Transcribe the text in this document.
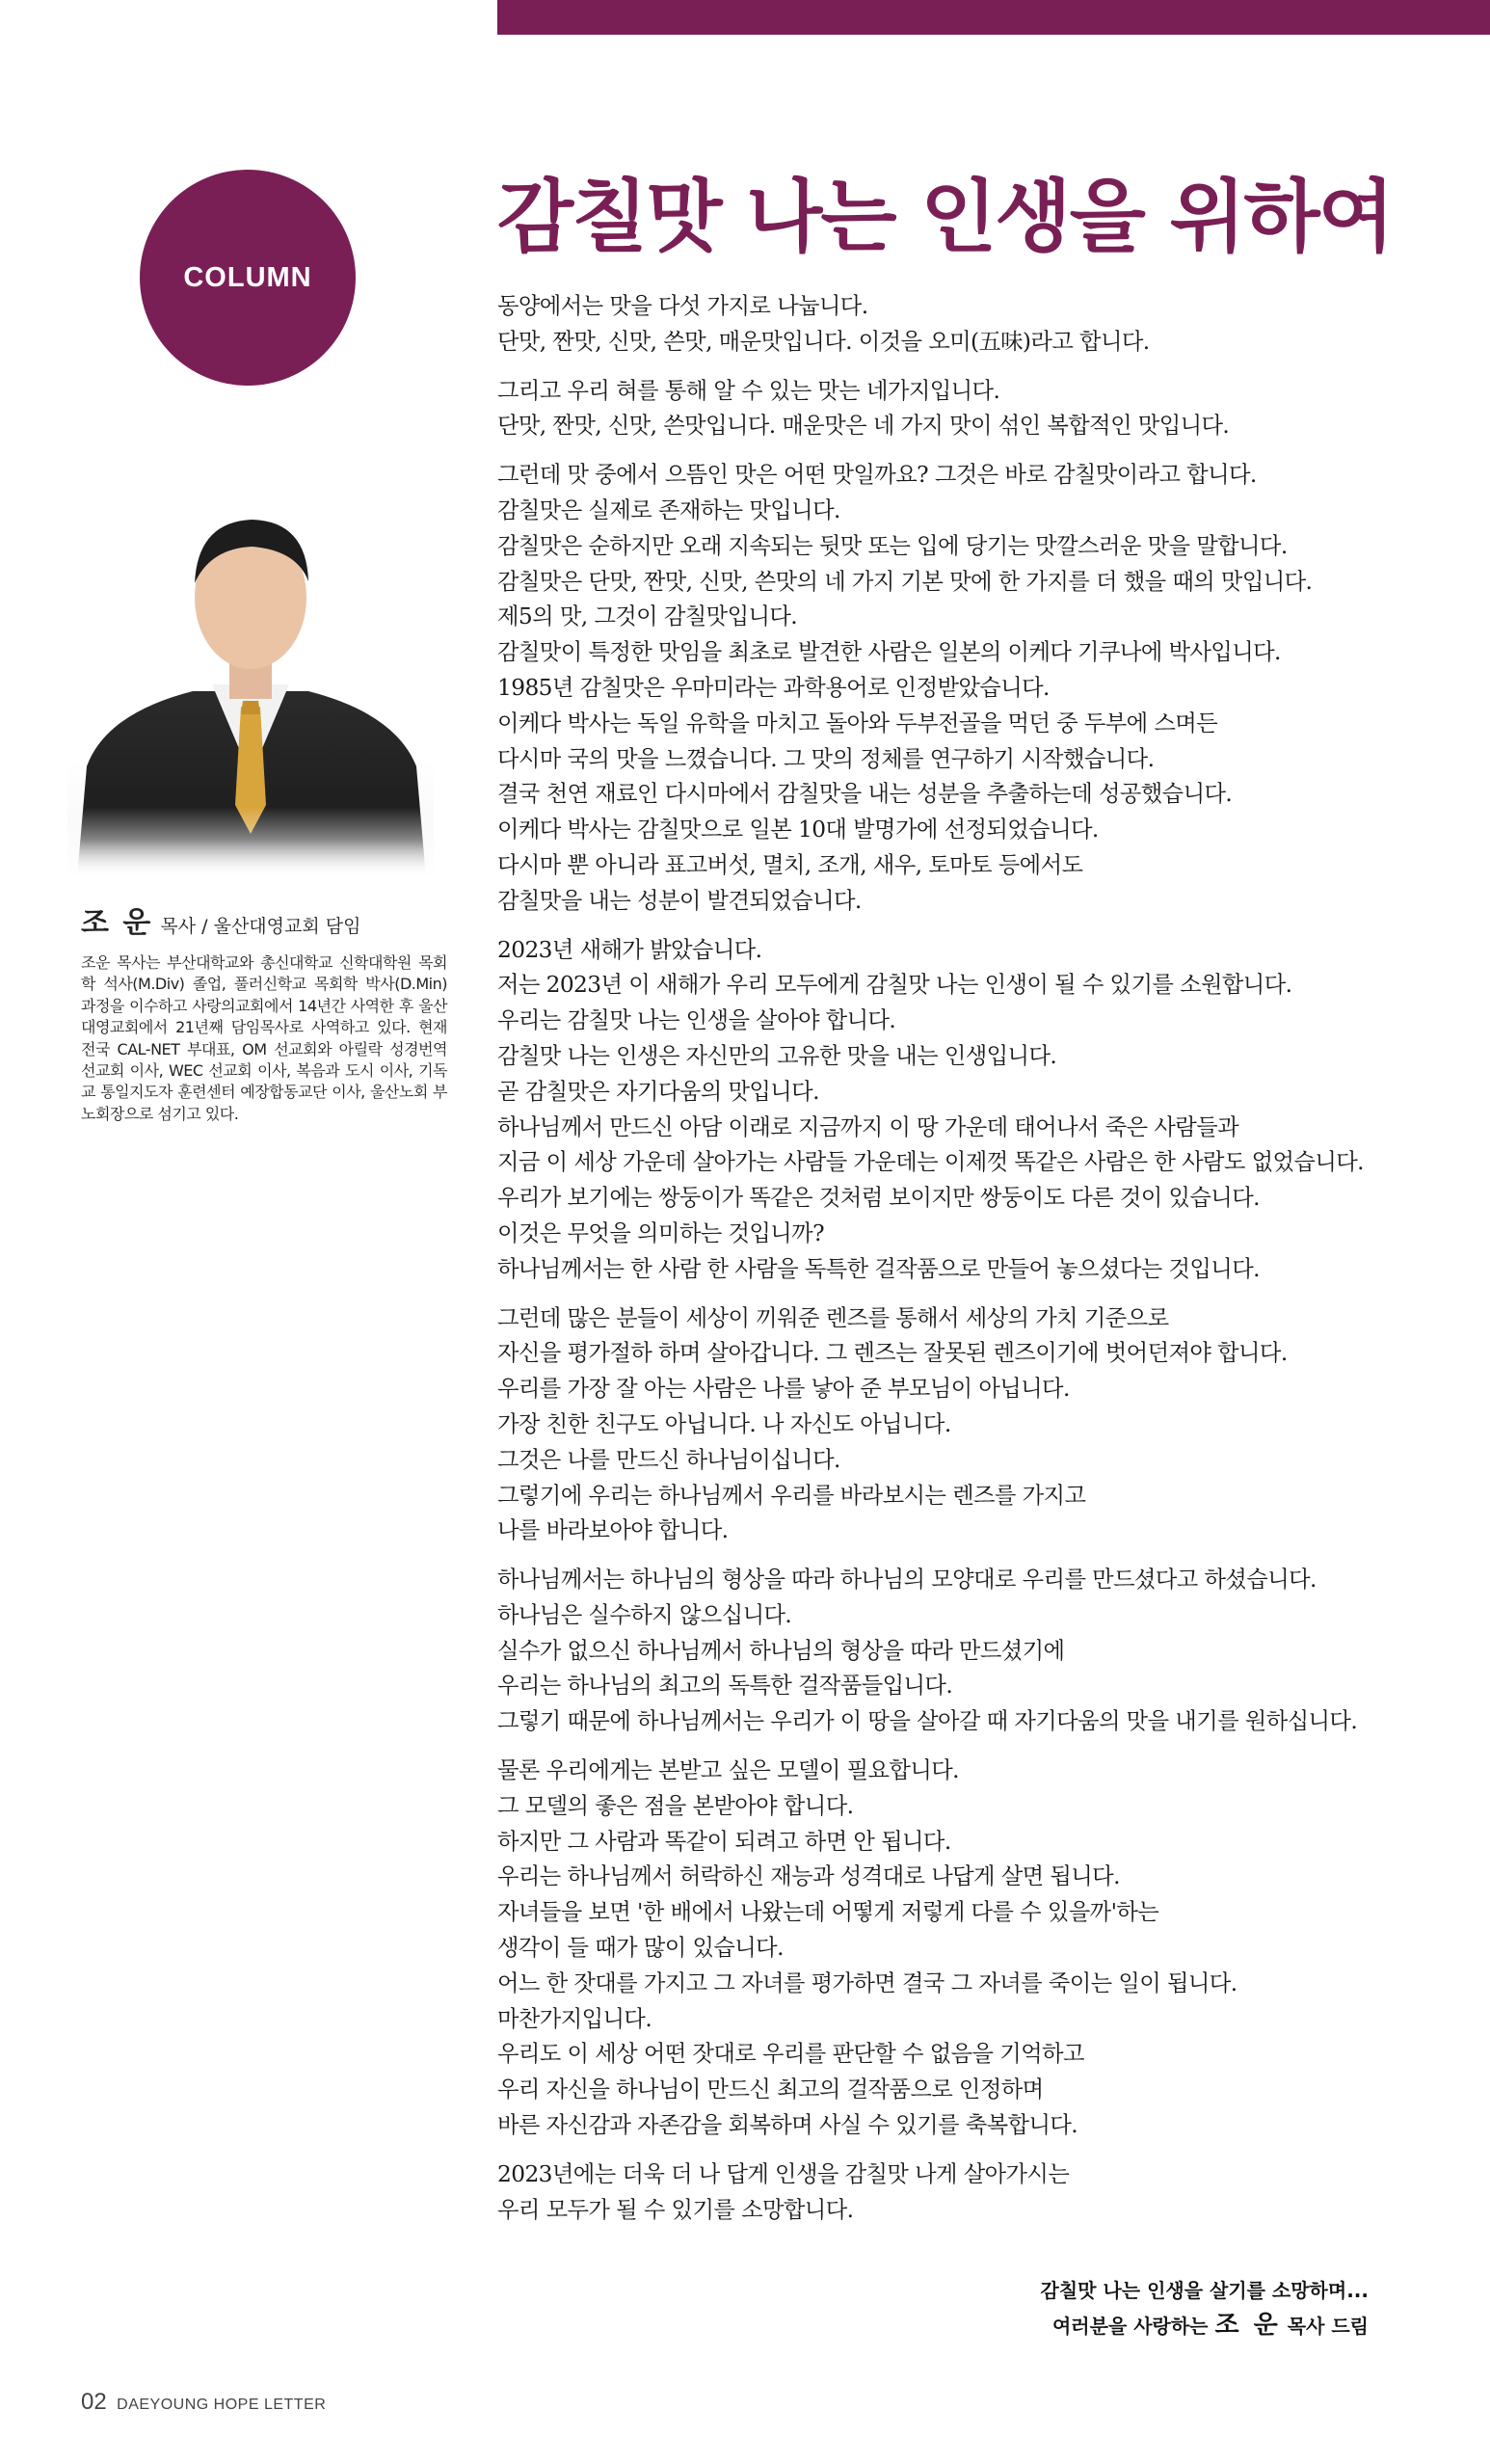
COLUMN
조 운 목사 / 울산대영교회 담임
조운 목사는 부산대학교와 총신대학교 신학대학원 목회학 석사(M.Div) 졸업, 풀러신학교 목회학 박사(D.Min) 과정을 이수하고 사랑의교회에서 14년간 사역한 후 울산 대영교회에서 21년째 담임목사로 사역하고 있다. 현재 전국 CAL-NET 부대표, OM 선교회와 아릴락 성경번역 선교회 이사, WEC 선교회 이사, 복음과 도시 이사, 기독교 통일지도자 훈련센터 예장합동교단 이사, 울산노회 부노회장으로 섬기고 있다.
감칠맛 나는 인생을 위하여
동양에서는 맛을 다섯 가지로 나눕니다.
단맛, 짠맛, 신맛, 쓴맛, 매운맛입니다. 이것을 오미(五味)라고 합니다.
그리고 우리 혀를 통해 알 수 있는 맛는 네가지입니다.
단맛, 짠맛, 신맛, 쓴맛입니다. 매운맛은 네 가지 맛이 섞인 복합적인 맛입니다.
그런데 맛 중에서 으뜸인 맛은 어떤 맛일까요? 그것은 바로 감칠맛이라고 합니다.
감칠맛은 실제로 존재하는 맛입니다.
감칠맛은 순하지만 오래 지속되는 뒷맛 또는 입에 당기는 맛깔스러운 맛을 말합니다.
감칠맛은 단맛, 짠맛, 신맛, 쓴맛의 네 가지 기본 맛에 한 가지를 더 했을 때의 맛입니다.
제5의 맛, 그것이 감칠맛입니다.
감칠맛이 특정한 맛임을 최초로 발견한 사람은 일본의 이케다 기쿠나에 박사입니다.
1985년 감칠맛은 우마미라는 과학용어로 인정받았습니다.
이케다 박사는 독일 유학을 마치고 돌아와 두부전골을 먹던 중 두부에 스며든
다시마 국의 맛을 느꼈습니다. 그 맛의 정체를 연구하기 시작했습니다.
결국 천연 재료인 다시마에서 감칠맛을 내는 성분을 추출하는데 성공했습니다.
이케다 박사는 감칠맛으로 일본 10대 발명가에 선정되었습니다.
다시마 뿐 아니라 표고버섯, 멸치, 조개, 새우, 토마토 등에서도
감칠맛을 내는 성분이 발견되었습니다.
2023년 새해가 밝았습니다.
저는 2023년 이 새해가 우리 모두에게 감칠맛 나는 인생이 될 수 있기를 소원합니다.
우리는 감칠맛 나는 인생을 살아야 합니다.
감칠맛 나는 인생은 자신만의 고유한 맛을 내는 인생입니다.
곧 감칠맛은 자기다움의 맛입니다.
하나님께서 만드신 아담 이래로 지금까지 이 땅 가운데 태어나서 죽은 사람들과
지금 이 세상 가운데 살아가는 사람들 가운데는 이제껏 똑같은 사람은 한 사람도 없었습니다.
우리가 보기에는 쌍둥이가 똑같은 것처럼 보이지만 쌍둥이도 다른 것이 있습니다.
이것은 무엇을 의미하는 것입니까?
하나님께서는 한 사람 한 사람을 독특한 걸작품으로 만들어 놓으셨다는 것입니다.
그런데 많은 분들이 세상이 끼워준 렌즈를 통해서 세상의 가치 기준으로
자신을 평가절하 하며 살아갑니다. 그 렌즈는 잘못된 렌즈이기에 벗어던져야 합니다.
우리를 가장 잘 아는 사람은 나를 낳아 준 부모님이 아닙니다.
가장 친한 친구도 아닙니다. 나 자신도 아닙니다.
그것은 나를 만드신 하나님이십니다.
그렇기에 우리는 하나님께서 우리를 바라보시는 렌즈를 가지고
나를 바라보아야 합니다.
하나님께서는 하나님의 형상을 따라 하나님의 모양대로 우리를 만드셨다고 하셨습니다.
하나님은 실수하지 않으십니다.
실수가 없으신 하나님께서 하나님의 형상을 따라 만드셨기에
우리는 하나님의 최고의 독특한 걸작품들입니다.
그렇기 때문에 하나님께서는 우리가 이 땅을 살아갈 때 자기다움의 맛을 내기를 원하십니다.
물론 우리에게는 본받고 싶은 모델이 필요합니다.
그 모델의 좋은 점을 본받아야 합니다.
하지만 그 사람과 똑같이 되려고 하면 안 됩니다.
우리는 하나님께서 허락하신 재능과 성격대로 나답게 살면 됩니다.
자녀들을 보면 '한 배에서 나왔는데 어떻게 저렇게 다를 수 있을까'하는
생각이 들 때가 많이 있습니다.
어느 한 잣대를 가지고 그 자녀를 평가하면 결국 그 자녀를 죽이는 일이 됩니다.
마찬가지입니다.
우리도 이 세상 어떤 잣대로 우리를 판단할 수 없음을 기억하고
우리 자신을 하나님이 만드신 최고의 걸작품으로 인정하며
바른 자신감과 자존감을 회복하며 사실 수 있기를 축복합니다.
2023년에는 더욱 더 나 답게 인생을 감칠맛 나게 살아가시는
우리 모두가 될 수 있기를 소망합니다.
감칠맛 나는 인생을 살기를 소망하며...
여러분을 사랑하는 조 운 목사 드림
02 DAEYOUNG HOPE LETTER
